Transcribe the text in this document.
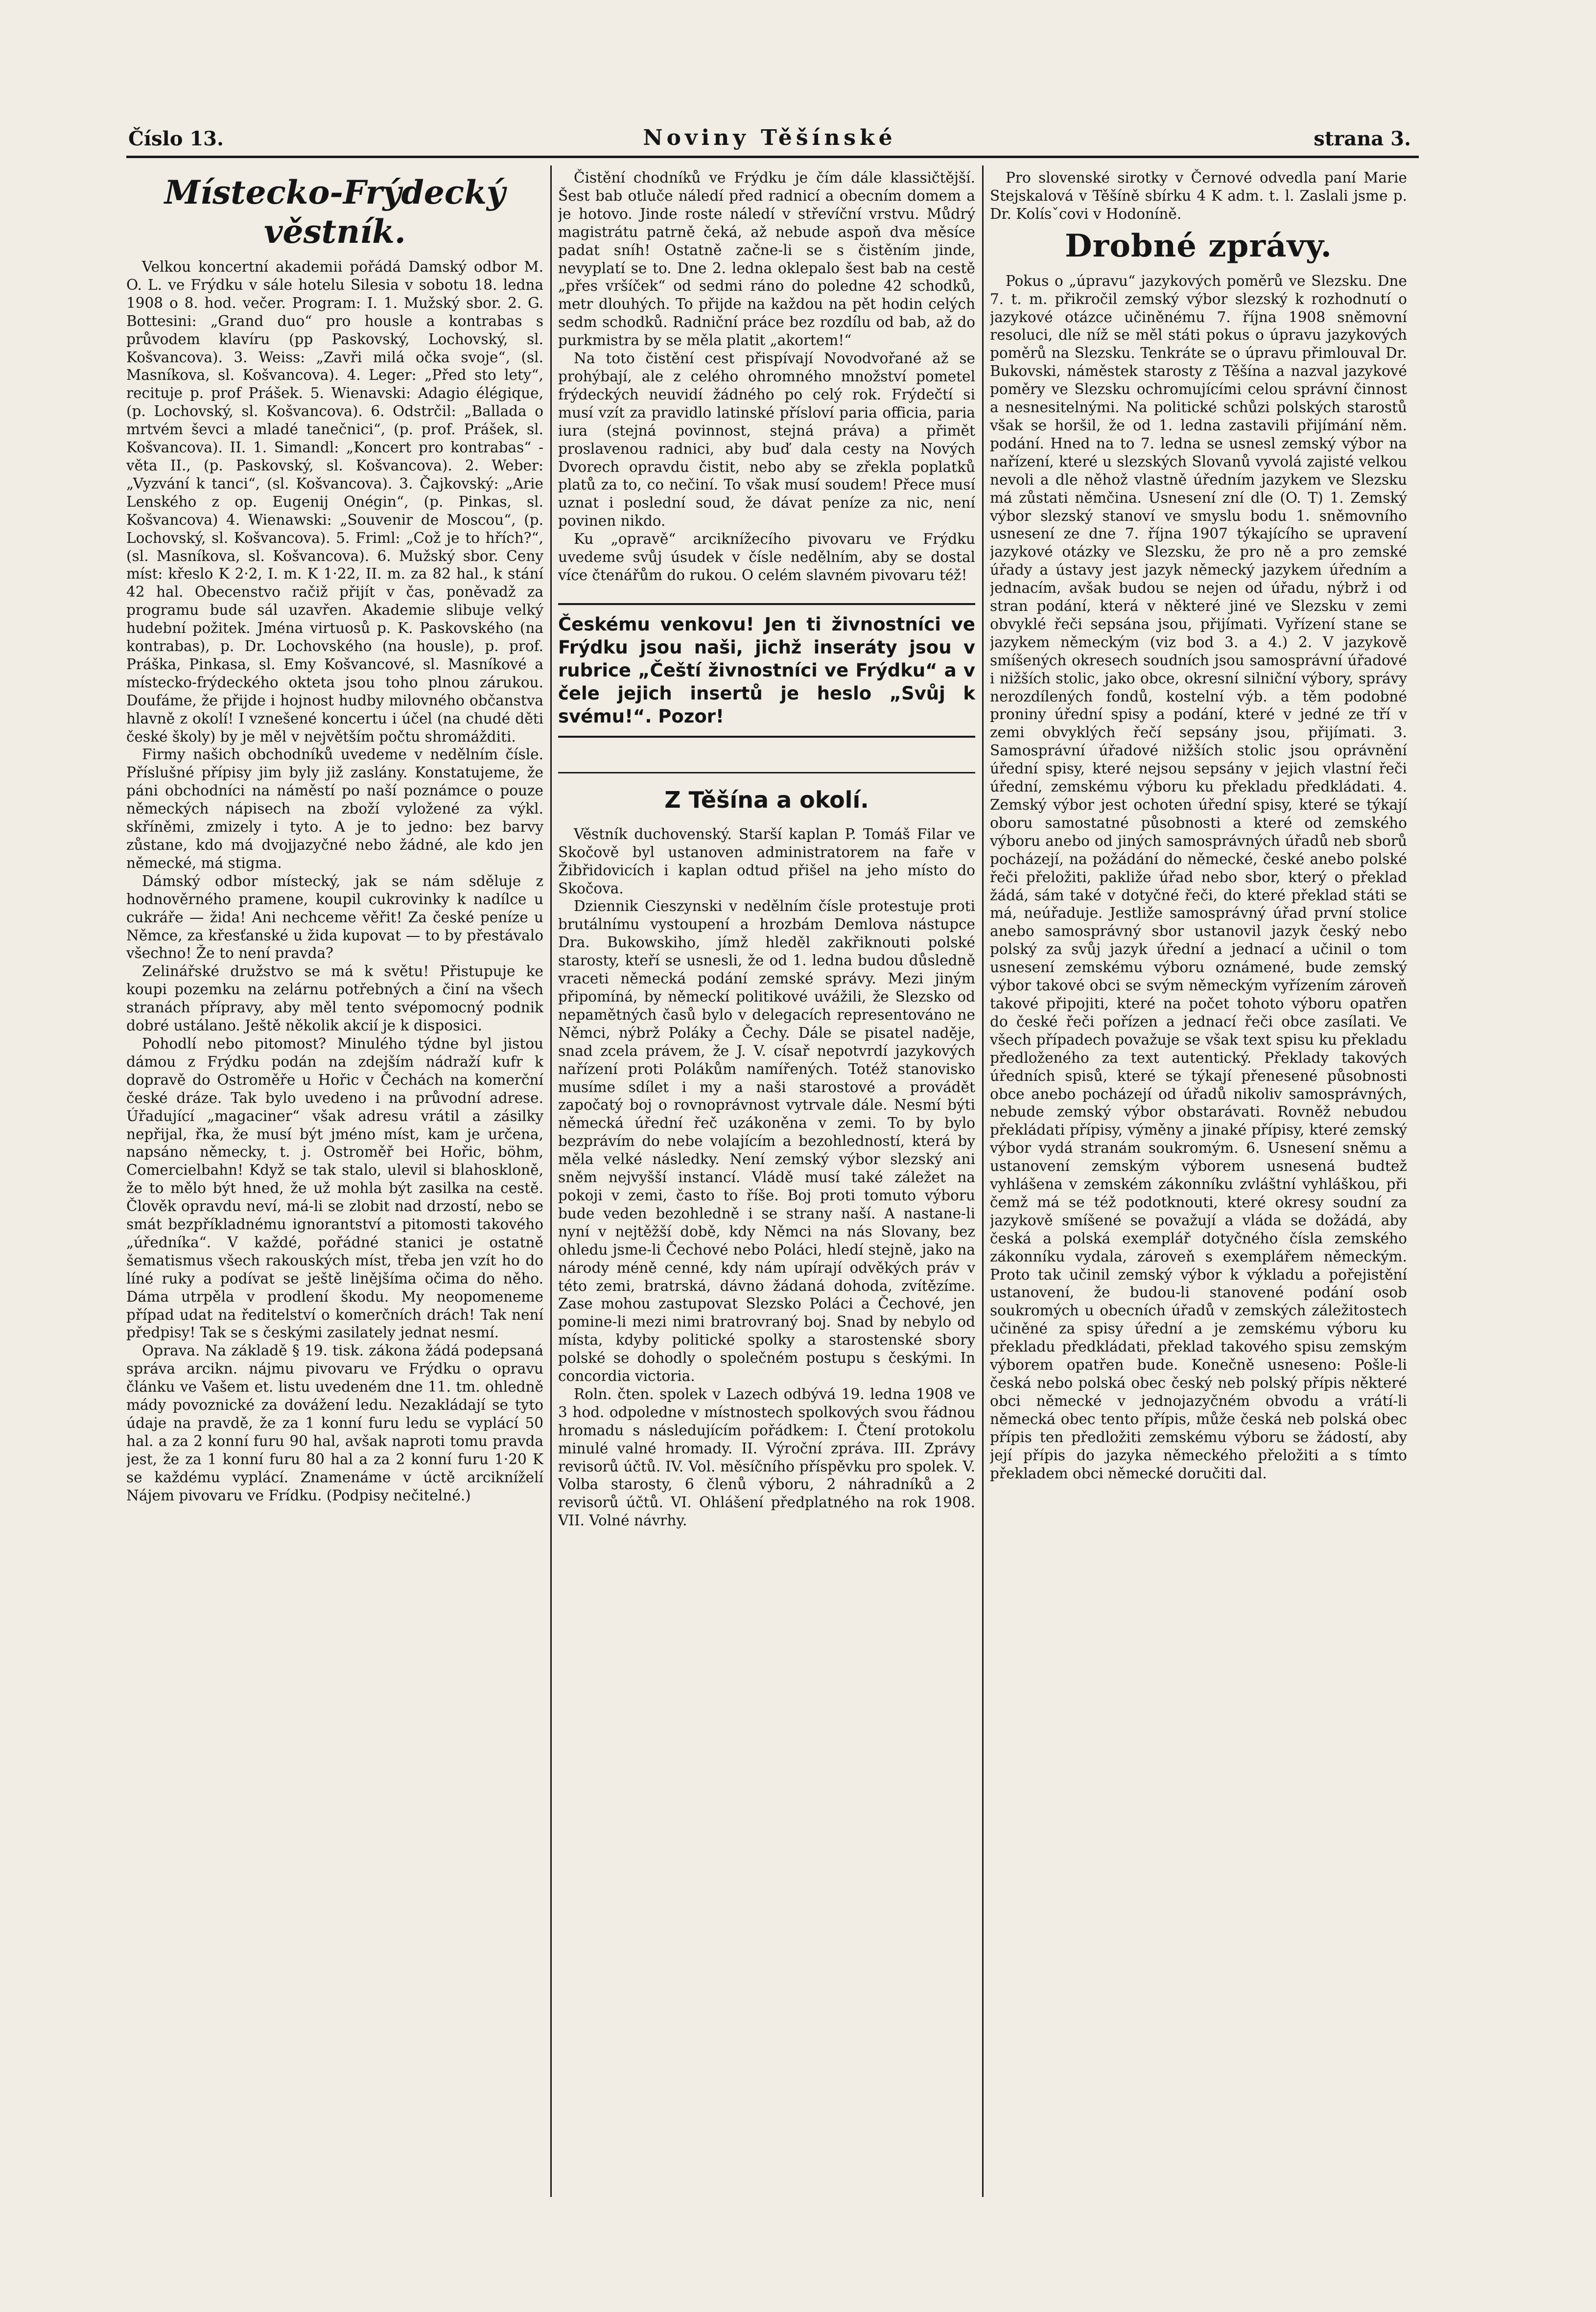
Číslo 13.	Noviny Těšínské	strana 3.
Místecko-Frýdecký věstník.

Velkou koncertní akademii pořádá Damský odbor M. O. L. ve Frýdku v sále hotelu Silesia v sobotu 18. ledna 1908 o 8. hod. večer. Program: I. 1. Mužský sbor. 2. G. Bottesini: „Grand duo“ pro housle a kontrabas s průvodem klavíru (pp Paskovský, Lochovský, sl. Košvancova). 3. Weiss: „Zavři milá očka svoje“, (sl. Masníkova, sl. Košvancova). 4. Leger: „Před sto lety“, recituje p. prof Prášek. 5. Wienavski: Adagio élégique, (p. Lochovský, sl. Košvancova). 6. Odstrčil: „Ballada o mrtvém ševci a mladé tanečnici“, (p. prof. Prášek, sl. Košvancova). II. 1. Simandl: „Koncert pro kontrabas“ - věta II., (p. Paskovský, sl. Košvancova). 2. Weber: „Vyzvání k tanci“, (sl. Košvancova). 3. Čajkovský: „Arie Lenského z op. Eugenij Onégin“, (p. Pinkas, sl. Košvancova) 4. Wienawski: „Souvenir de Moscou“, (p. Lochovský, sl. Košvancova). 5. Friml: „Což je to hřích?“, (sl. Masníkova, sl. Košvancova). 6. Mužský sbor. Ceny míst: křeslo K 2·2, I. m. K 1·22, II. m. za 82 hal., k stání 42 hal. Obecenstvo račiž přijít v čas, poněvadž za programu bude sál uzavřen. Akademie slibuje velký hudební požitek. Jména virtuosů p. K. Paskovského (na kontrabas), p. Dr. Lochovského (na housle), p. prof. Práška, Pinkasa, sl. Emy Košvancové, sl. Masníkové a místecko-frýdeckého okteta jsou toho plnou zárukou. Doufáme, že přijde i hojnost hudby milovného občanstva hlavně z okolí! I vznešené koncertu i účel (na chudé děti české školy) by je měl v největším počtu shromážditi.

Firmy našich obchodníků uvedeme v nedělním čísle. Příslušné přípisy jim byly již zaslány. Konstatujeme, že páni obchodníci na náměstí po naší poznámce o pouze německých nápisech na zboží vyložené za výkl. skříněmi, zmizely i tyto. A je to jedno: bez barvy zůstane, kdo má dvojjazyčné nebo žádné, ale kdo jen německé, má stigma.

Dámský odbor místecký, jak se nám sděluje z hodnověrného pramene, koupil cukrovinky k nadílce u cukráře — žida! Ani nechceme věřit! Za české peníze u Němce, za křesťanské u žida kupovat — to by přestávalo všechno! Že to není pravda?

Zelinářské družstvo se má k světu! Přistupuje ke koupi pozemku na zelárnu potřebných a činí na všech stranách přípravy, aby měl tento svépomocný podnik dobré ustálano. Ještě několik akcií je k disposici.

Pohodlí nebo pitomost? Minulého týdne byl jistou dámou z Frýdku podán na zdejším nádraží kufr k dopravě do Ostroměře u Hořic v Čechách na komerční české dráze. Tak bylo uvedeno i na průvodní adrese. Úřadující „magaciner“ však adresu vrátil a zásilky nepřijal, řka, že musí být jméno míst, kam je určena, napsáno německy, t. j. Ostroměř bei Hořic, böhm, Comercielbahn! Když se tak stalo, ulevil si blahoskloně, že to mělo být hned, že už mohla být zasilka na cestě. Člověk opravdu neví, má-li se zlobit nad drzostí, nebo se smát bezpříkladnému ignorantství a pitomosti takového „úředníka“. V každé, pořádné stanici je ostatně šematismus všech rakouských míst, třeba jen vzít ho do líné ruky a podívat se ještě linějšíma očima do něho. Dáma utrpěla v prodlení škodu. My neopomeneme případ udat na ředitelství o komerčních drách! Tak není předpisy! Tak se s českými zasilately jednat nesmí.

Oprava. Na základě § 19. tisk. zákona žádá podepsaná správa arcikn. nájmu pivovaru ve Frýdku o opravu článku ve Vašem et. listu uvedeném dne 11. tm. ohledně mády povoznické za dovážení ledu. Nezakládají se tyto údaje na pravdě, že za 1 konní furu ledu se vyplácí 50 hal. a za 2 konní furu 90 hal, avšak naproti tomu pravda jest, že za 1 konní furu 80 hal a za 2 konní furu 1·20 K se každému vyplácí. Znamenáme v úctě arcikníželí Nájem pivovaru ve Frídku. (Podpisy nečitelné.)

Čistění chodníků ve Frýdku je čím dále klassičtější. Šest bab otluče náledí před radnicí a obecním domem a je hotovo. Jinde roste náledí v střevíční vrstvu. Můdrý magistrátu patrně čeká, až nebude aspoň dva měsíce padat sníh! Ostatně začne-li se s čistěním jinde, nevyplatí se to. Dne 2. ledna oklepalo šest bab na cestě „přes vršíček“ od sedmi ráno do poledne 42 schodků, metr dlouhých. To přijde na každou na pět hodin celých sedm schodků. Radniční práce bez rozdílu od bab, až do purkmistra by se měla platit „akortem!“

Na toto čistění cest přispívají Novodvořané až se prohýbají, ale z celého ohromného množství pometel frýdeckých neuvidí žádného po celý rok. Frýdečtí si musí vzít za pravidlo latinské přísloví paria officia, paria iura (stejná povinnost, stejná práva) a přimět proslavenou radnici, aby buď dala cesty na Nových Dvorech opravdu čistit, nebo aby se zřekla poplatků platů za to, co nečiní. To však musí soudem! Přece musí uznat i poslední soud, že dávat peníze za nic, není povinen nikdo.

Ku „opravě“ arciknížecího pivovaru ve Frýdku uvedeme svůj úsudek v čísle nedělním, aby se dostal více čtenářům do rukou. O celém slavném pivovaru též!

Českému venkovu! Jen ti živnostníci ve Frýdku jsou naši, jichž inseráty jsou v rubrice „Čeští živnostníci ve Frýdku“ a v čele jejich insertů je heslo „Svůj k svému!“. Pozor!
Z Těšína a okolí.

Věstník duchovenský. Starší kaplan P. Tomáš Filar ve Skočově byl ustanoven administratorem na faře v Žibřidovicích i kaplan odtud přišel na jeho místo do Skočova.

Dziennik Cieszynski v nedělním čísle protestuje proti brutálnímu vystoupení a hrozbám Demlova nástupce Dra. Bukowskiho, jímž hleděl zakřiknouti polské starosty, kteří se usnesli, že od 1. ledna budou důsledně vraceti německá podání zemské správy. Mezi jiným připomíná, by německí politikové uvážili, že Slezsko od nepamětných časů bylo v delegacích representováno ne Němci, nýbrž Poláky a Čechy. Dále se pisatel naděje, snad zcela právem, že J. V. císař nepotvrdí jazykových nařízení proti Polákům namířených. Totéž stanovisko musíme sdílet i my a naši starostové a provádět započatý boj o rovnoprávnost vytrvale dále. Nesmí býti německá úřední řeč uzákoněna v zemi. To by bylo bezprávím do nebe volajícím a bezohledností, která by měla velké následky. Není zemský výbor slezský ani sněm nejvyšší instancí. Vládě musí také záležet na pokoji v zemi, často to říše. Boj proti tomuto výboru bude veden bezohledně i se strany naší. A nastane-li nyní v nejtěžší době, kdy Němci na nás Slovany, bez ohledu jsme-li Čechové nebo Poláci, hledí stejně, jako na národy méně cenné, kdy nám upírají odvěkých práv v této zemi, bratrská, dávno žádaná dohoda, zvítězíme. Zase mohou zastupovat Slezsko Poláci a Čechové, jen pomine-li mezi nimi bratrovraný boj. Snad by nebylo od místa, kdyby politické spolky a starostenské sbory polské se dohodly o společném postupu s českými. In concordia victoria.

Roln. čten. spolek v Lazech odbývá 19. ledna 1908 ve 3 hod. odpoledne v místnostech spolkových svou řádnou hromadu s následujícím pořádkem: I. Čtení protokolu minulé valné hromady. II. Výroční zpráva. III. Zprávy revisorů účtů. IV. Vol. měsíčního příspěvku pro spolek. V. Volba starosty, 6 členů výboru, 2 náhradníků a 2 revisorů účtů. VI. Ohlášení předplatného na rok 1908. VII. Volné návrhy.

Pro slovenské sirotky v Černové odvedla paní Marie Stejskalová v Těšíně sbírku 4 K adm. t. l. Zaslali jsme p. Dr. Kolísˇcovi v Hodoníně.

Drobné zprávy.

Pokus o „úpravu“ jazykových poměrů ve Slezsku. Dne 7. t. m. přikročil zemský výbor slezský k rozhodnutí o jazykové otázce učiněnému 7. října 1908 sněmovní resoluci, dle níž se měl státi pokus o úpravu jazykových poměrů na Slezsku. Tenkráte se o úpravu přimlouval Dr. Bukovski, náměstek starosty z Těšína a nazval jazykové poměry ve Slezsku ochromujícími celou správní činnost a nesnesitelnými. Na politické schůzi polských starostů však se horšil, že od 1. ledna zastavili přijímání něm. podání. Hned na to 7. ledna se usnesl zemský výbor na nařízení, které u slezských Slovanů vyvolá zajisté velkou nevoli a dle něhož vlastně úředním jazykem ve Slezsku má zůstati němčina. Usnesení zní dle (O. T) 1. Zemský výbor slezský stanoví ve smyslu bodu 1. sněmovního usnesení ze dne 7. října 1907 týkajícího se upravení jazykové otázky ve Slezsku, že pro ně a pro zemské úřady a ústavy jest jazyk německý jazykem úředním a jednacím, avšak budou se nejen od úřadu, nýbrž i od stran podání, která v některé jiné ve Slezsku v zemi obvyklé řeči sepsána jsou, přijímati. Vyřízení stane se jazykem německým (viz bod 3. a 4.) 2. V jazykově smíšených okresech soudních jsou samosprávní úřadové i nižších stolic, jako obce, okresní silniční výbory, správy nerozdílených fondů, kostelní výb. a těm podobné proniny úřední spisy a podání, které v jedné ze tří v zemi obvyklých řečí sepsány jsou, přijímati. 3. Samosprávní úřadové nižších stolic jsou oprávnění úřední spisy, které nejsou sepsány v jejich vlastní řeči úřední, zemskému výboru ku překladu předkládati. 4. Zemský výbor jest ochoten úřední spisy, které se týkají oboru samostatné působnosti a které od zemského výboru anebo od jiných samosprávných úřadů neb sborů pocházejí, na požádání do německé, české anebo polské řeči přeložiti, pakliže úřad nebo sbor, který o překlad žádá, sám také v dotyčné řeči, do které překlad státi se má, neúřaduje. Jestliže samosprávný úřad první stolice anebo samosprávný sbor ustanovil jazyk český nebo polský za svůj jazyk úřední a jednací a učinil o tom usnesení zemskému výboru oznámené, bude zemský výbor takové obci se svým německým vyřízením zároveň takové připojiti, které na počet tohoto výboru opatřen do české řeči pořízen a jednací řeči obce zasílati. Ve všech případech považuje se však text spisu ku překladu předloženého za text autentický. Překlady takových úředních spisů, které se týkají přenesené působnosti obce anebo pocházejí od úřadů nikoliv samosprávných, nebude zemský výbor obstarávati. Rovněž nebudou překládati přípisy, výměny a jinaké přípisy, které zemský výbor vydá stranám soukromým. 6. Usnesení sněmu a ustanovení zemským výborem usnesená budtež vyhlášena v zemském zákonníku zvláštní vyhláškou, při čemž má se též podotknouti, které okresy soudní za jazykově smíšené se považují a vláda se dožádá, aby česká a polská exemplář dotyčného čísla zemského zákonníku vydala, zároveň s exemplářem německým. Proto tak učinil zemský výbor k výkladu a pořejistění ustanovení, že budou-li stanovené podání osob soukromých u obecních úřadů v zemských záležitostech učiněné za spisy úřední a je zemskému výboru ku překladu předkládati, překlad takového spisu zemským výborem opatřen bude. Konečně usneseno: Pošle-li česká nebo polská obec český neb polský přípis některé obci německé v jednojazyčném obvodu a vrátí-li německá obec tento přípis, může česká neb polská obec přípis ten předložiti zemskému výboru se žádostí, aby její přípis do jazyka německého přeložiti a s tímto překladem obci německé doručiti dal.
